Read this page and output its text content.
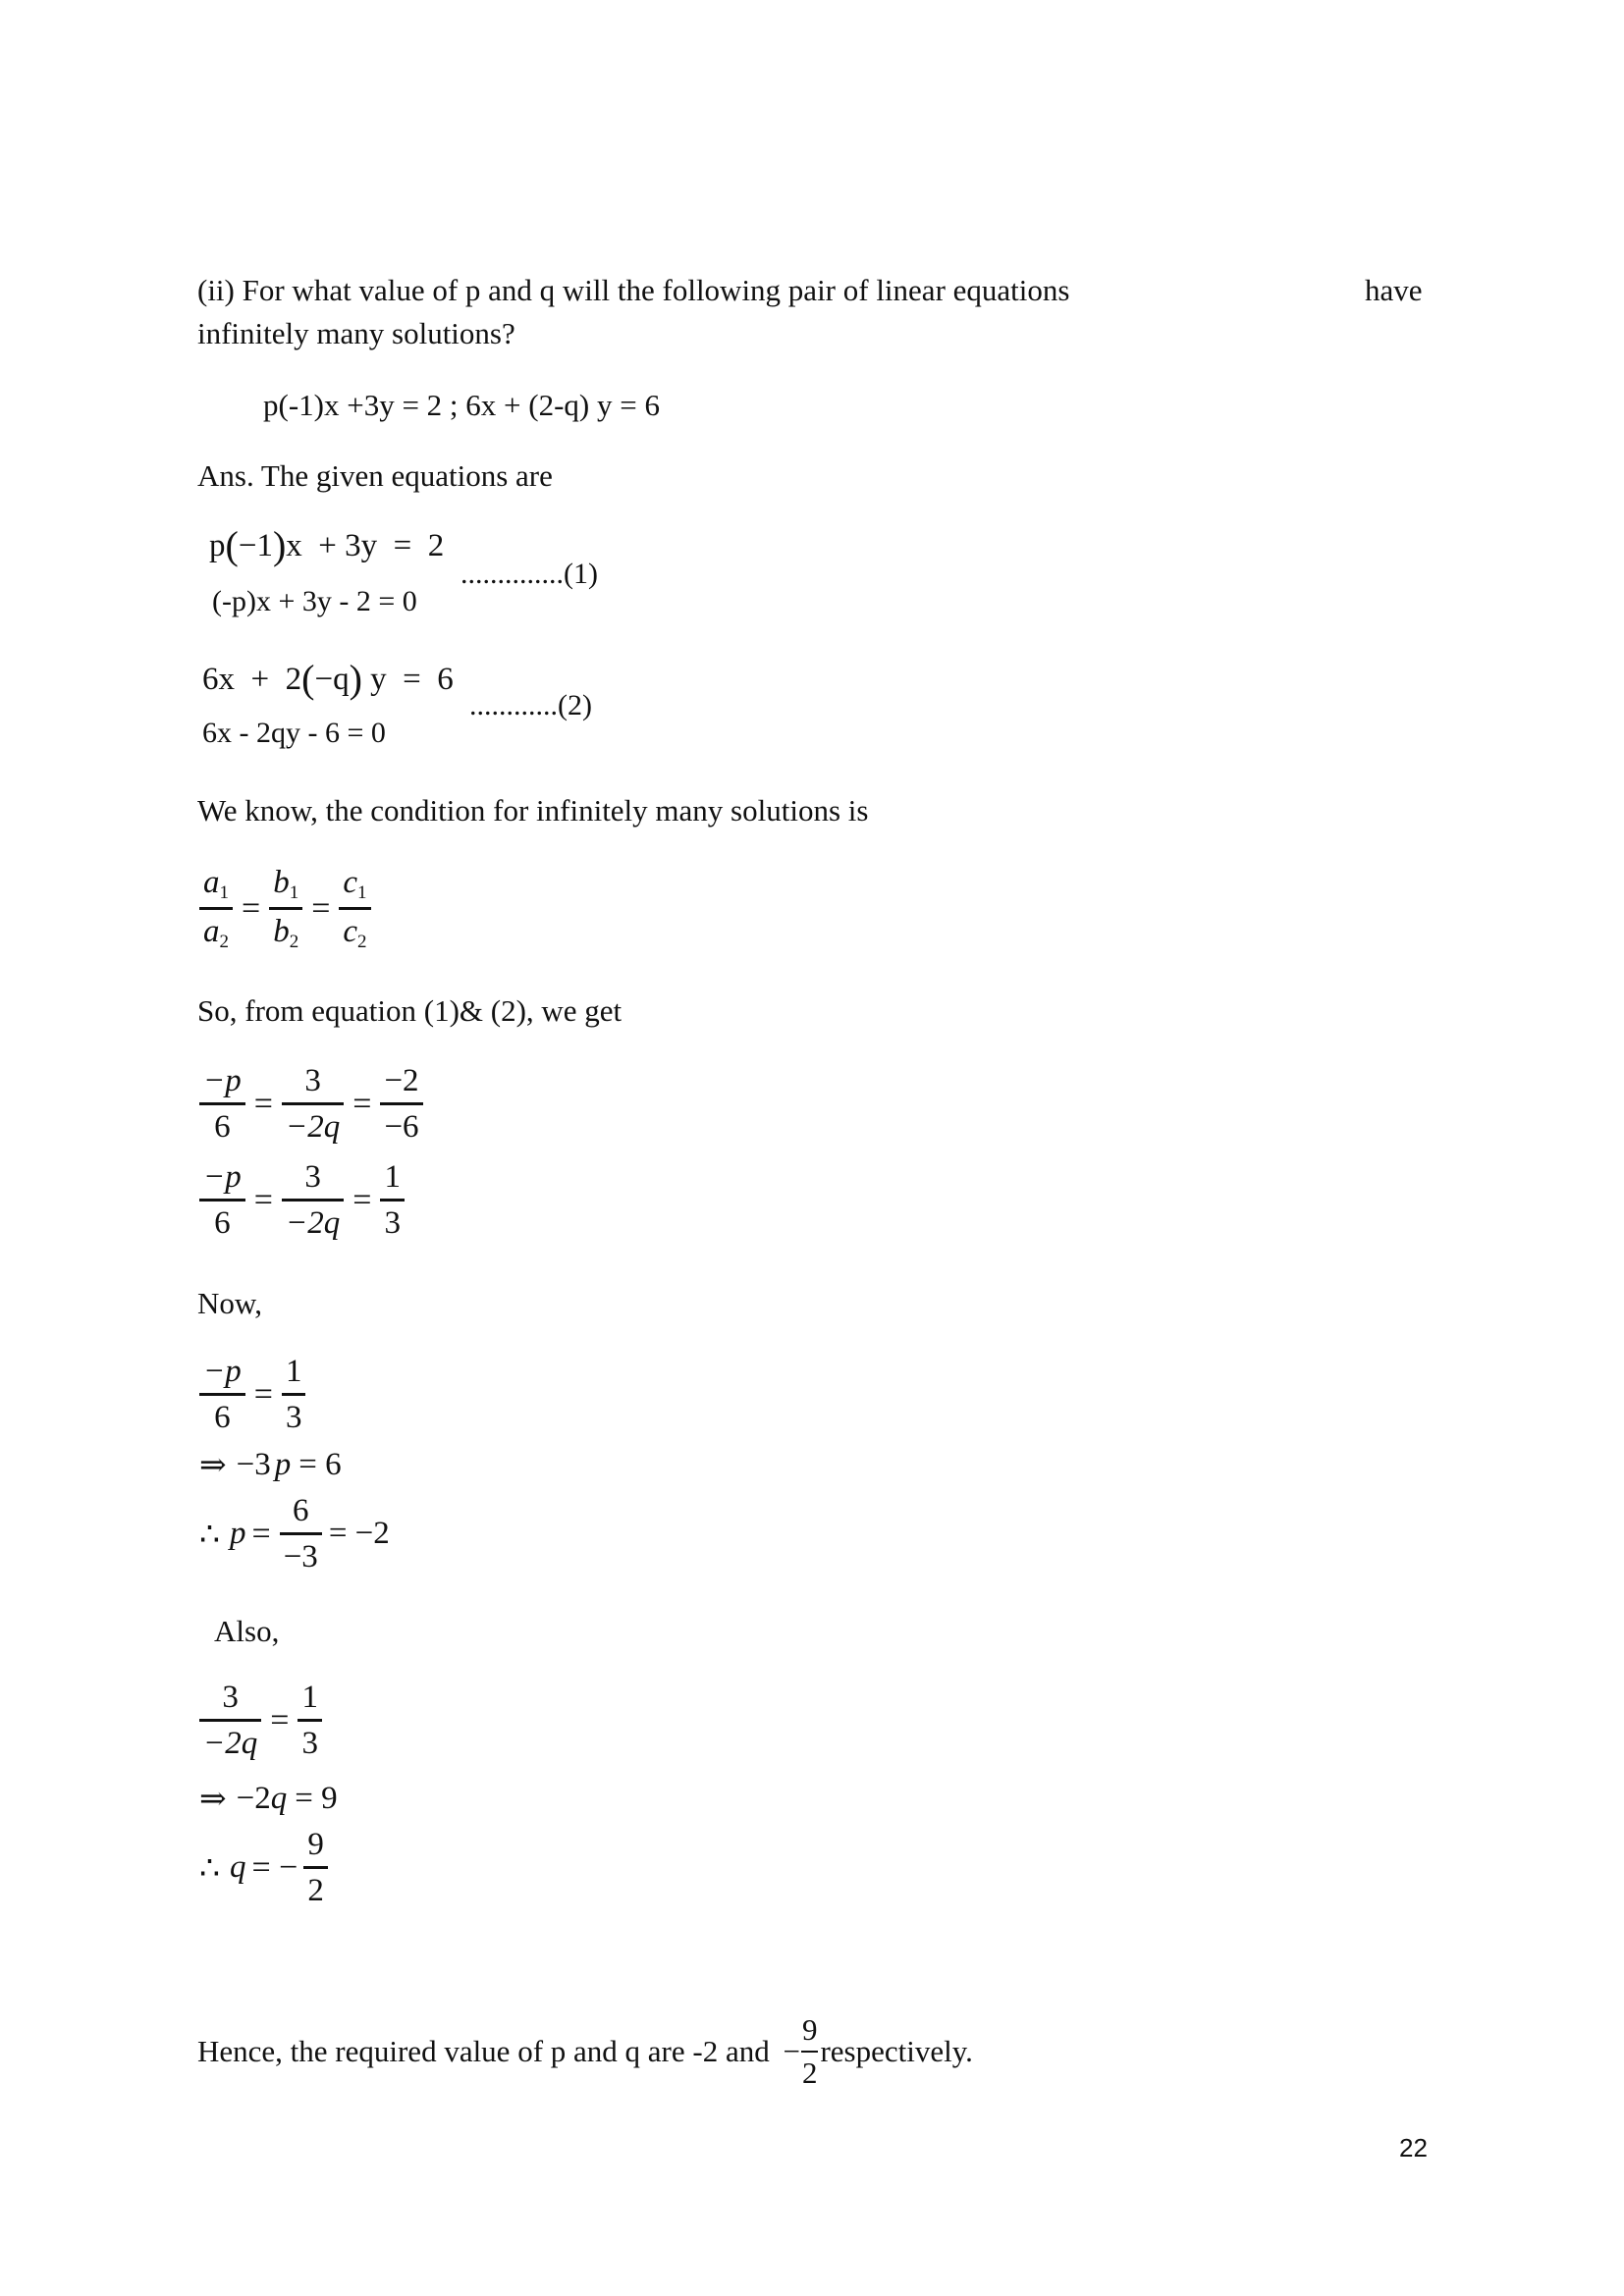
(ii) For what value of p and q will the following pair of linear equations	have
infinitely many solutions?
p(-1)x +3y = 2 ; 6x + (2-q) y = 6
Ans. The given equations are
p(−1)x  + 3y  =  2
(-p)x + 3y - 2 = 0
..............(1)
6x  +  2(−q) y  =  6
6x - 2qy - 6 = 0
............(2)
We know, the condition for infinitely many solutions is
$\frac{a_1}{a_2} = \frac{b_1}{b_2} = \frac{c_1}{c_2}$
So, from equation (1)& (2), we get
$\frac{-p}{6} = \frac{3}{-2q} = \frac{-2}{-6}$
$\frac{-p}{6} = \frac{3}{-2q} = \frac{1}{3}$
Now,
$\frac{-p}{6} = \frac{1}{3}$
⇒ −3 p = 6
∴ $p = \frac{6}{-3} = -2$
Also,
$\frac{3}{-2q} = \frac{1}{3}$
⇒ −2 q = 9
∴ q = − $\frac{9}{2}$
Hence, the required value of p and q are -2 and − $\frac{9}{2}$ respectively.
22
